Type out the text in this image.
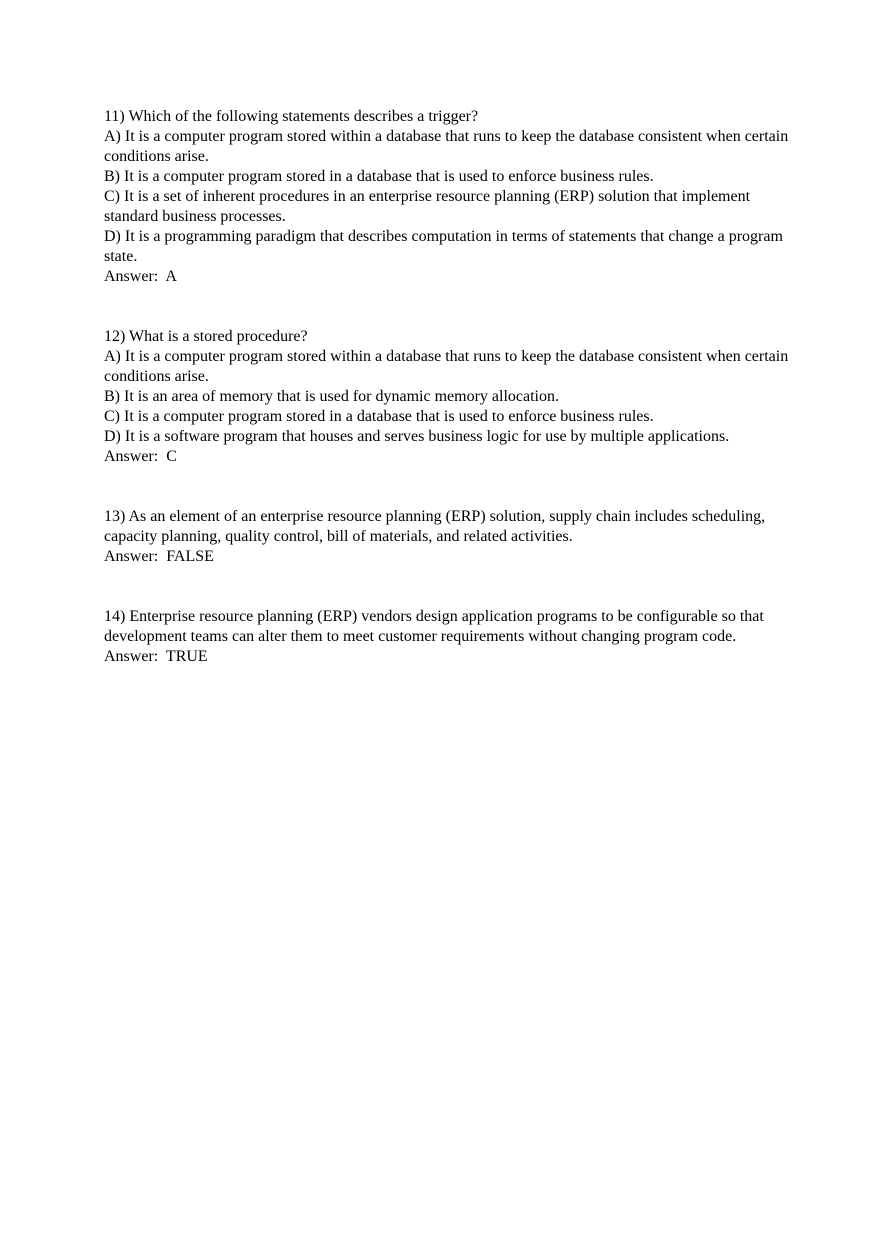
11) Which of the following statements describes a trigger?
A) It is a computer program stored within a database that runs to keep the database consistent when certain conditions arise.
B) It is a computer program stored in a database that is used to enforce business rules.
C) It is a set of inherent procedures in an enterprise resource planning (ERP) solution that implement standard business processes.
D) It is a programming paradigm that describes computation in terms of statements that change a program state.
Answer:  A
12) What is a stored procedure?
A) It is a computer program stored within a database that runs to keep the database consistent when certain conditions arise.
B) It is an area of memory that is used for dynamic memory allocation.
C) It is a computer program stored in a database that is used to enforce business rules.
D) It is a software program that houses and serves business logic for use by multiple applications.
Answer:  C
13) As an element of an enterprise resource planning (ERP) solution, supply chain includes scheduling, capacity planning, quality control, bill of materials, and related activities.
Answer:  FALSE
14) Enterprise resource planning (ERP) vendors design application programs to be configurable so that development teams can alter them to meet customer requirements without changing program code.
Answer:  TRUE
